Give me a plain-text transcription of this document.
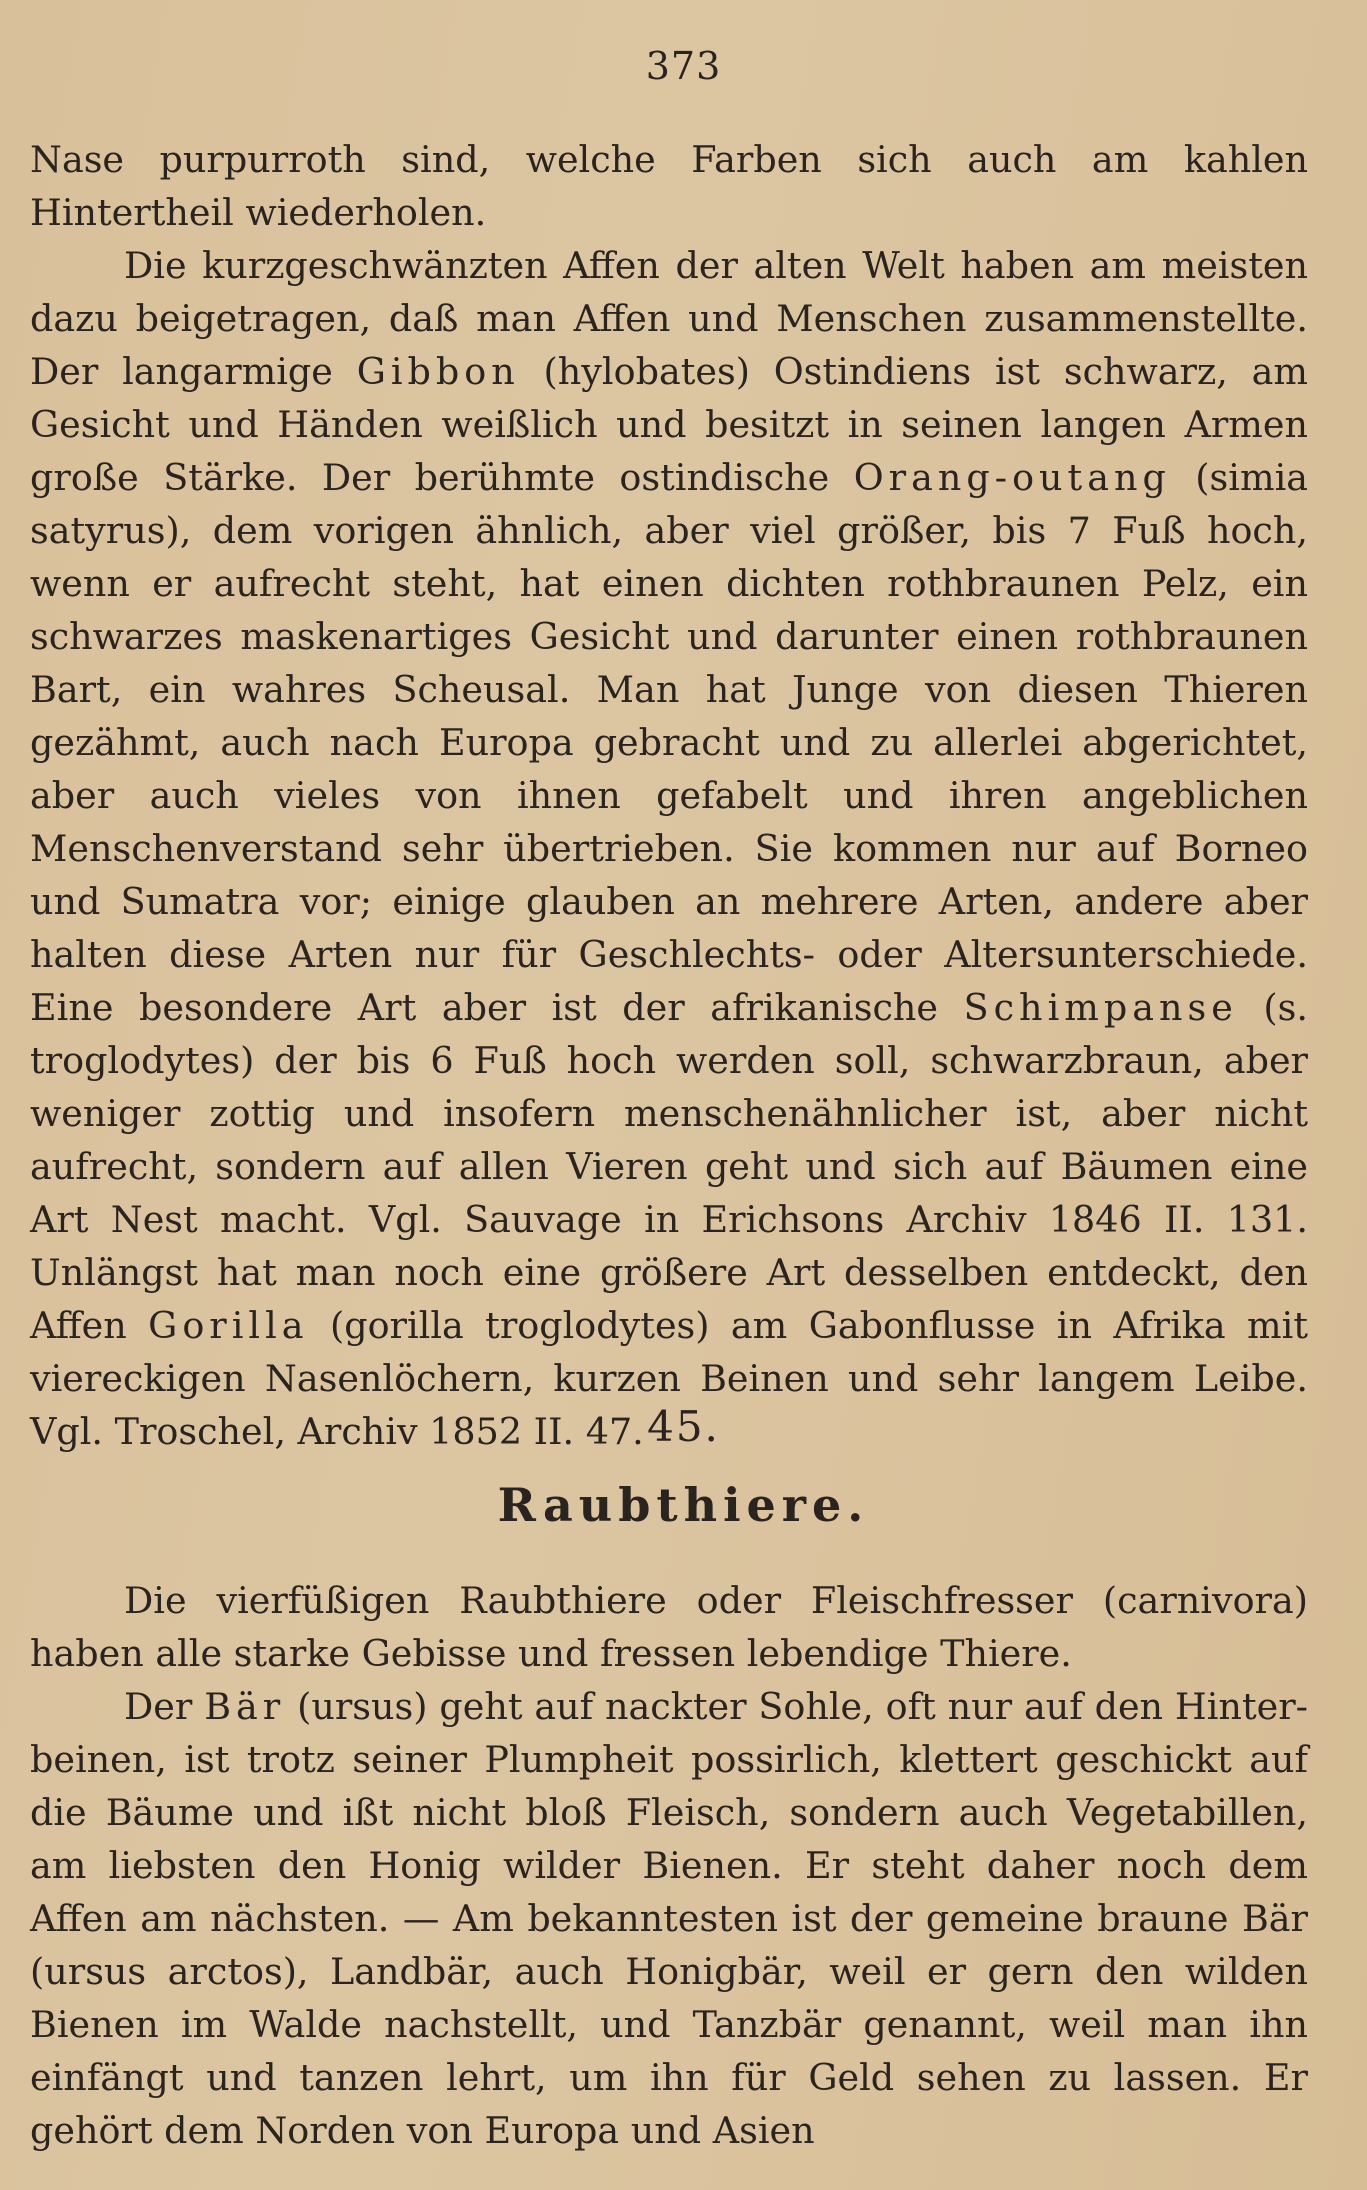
373

Nase purpurroth sind, welche Farben sich auch am kahlen Hintertheil wiederholen.

Die kurzgeschwänzten Affen der alten Welt haben am meisten dazu beigetragen, daß man Affen und Menschen zusammenstellte. Der langarmige Gibbon (hylobates) Ostindiens ist schwarz, am Gesicht und Händen weißlich und besitzt in seinen langen Armen große Stärke. Der berühmte ostindische Orang-outang (simia satyrus), dem vorigen ähnlich, aber viel größer, bis 7 Fuß hoch, wenn er aufrecht steht, hat einen dichten rothbraunen Pelz, ein schwarzes maskenartiges Gesicht und darunter einen rothbraunen Bart, ein wahres Scheusal. Man hat Junge von diesen Thieren gezähmt, auch nach Europa gebracht und zu allerlei abgerichtet, aber auch vieles von ihnen gefabelt und ihren angeblichen Menschenverstand sehr übertrieben. Sie kommen nur auf Borneo und Sumatra vor; einige glauben an mehrere Arten, andere aber halten diese Arten nur für Geschlechts- oder Altersunterschiede. Eine besondere Art aber ist der afrikanische Schimpanse (s. troglodytes) der bis 6 Fuß hoch werden soll, schwarzbraun, aber weniger zottig und insofern menschenähnlicher ist, aber nicht aufrecht, sondern auf allen Vieren geht und sich auf Bäumen eine Art Nest macht. Vgl. Sauvage in Erichsons Archiv 1846 II. 131. Unlängst hat man noch eine größere Art desselben entdeckt, den Affen Gorilla (gorilla troglodytes) am Gabonflusse in Afrika mit viereckigen Nasenlöchern, kurzen Beinen und sehr langem Leibe. Vgl. Troschel, Archiv 1852 II. 47. 45.
Raubthiere.

Die vierfüßigen Raubthiere oder Fleischfresser (carnivora) haben alle starke Gebisse und fressen lebendige Thiere.

Der Bär (ursus) geht auf nackter Sohle, oft nur auf den Hinterbeinen, ist trotz seiner Plumpheit possirlich, klettert geschickt auf die Bäume und ißt nicht bloß Fleisch, sondern auch Vegetabillen, am liebsten den Honig wilder Bienen. Er steht daher noch dem Affen am nächsten. — Am bekanntesten ist der gemeine braune Bär (ursus arctos), Landbär, auch Honigbär, weil er gern den wilden Bienen im Walde nachstellt, und Tanzbär genannt, weil man ihn einfängt und tanzen lehrt, um ihn für Geld sehen zu lassen. Er gehört dem Norden von Europa und Asien
